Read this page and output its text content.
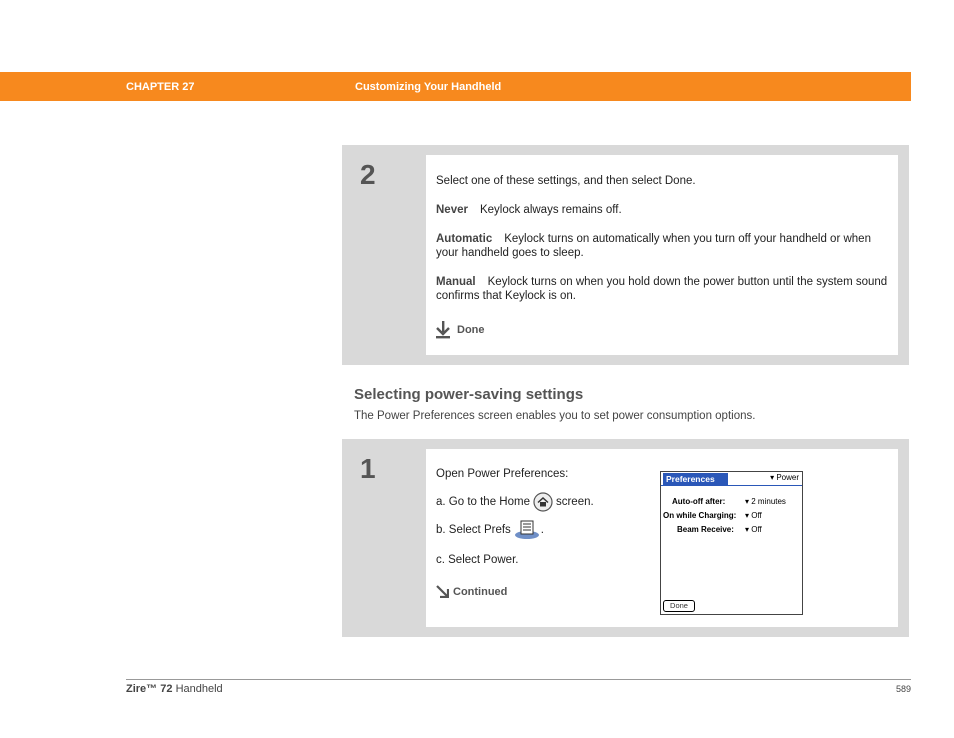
CHAPTER 27	Customizing Your Handheld
2	Select one of these settings, and then select Done.
Never Keylock always remains off.
Automatic Keylock turns on automatically when you turn off your handheld or when your handheld goes to sleep.
Manual Keylock turns on when you hold down the power button until the system sound confirms that Keylock is on.
Done
Selecting power-saving settings
The Power Preferences screen enables you to set power consumption options.
1	Open Power Preferences:
a. Go to the Home screen.
b. Select Prefs	.
c. Select Power.
Continued
Preferences	▾ Power
Auto-off after: ▾ 2 minutes
On while Charging: ▾ Off
Beam Receive: ▾ Off
Done
Zire™ 72 Handheld	589
